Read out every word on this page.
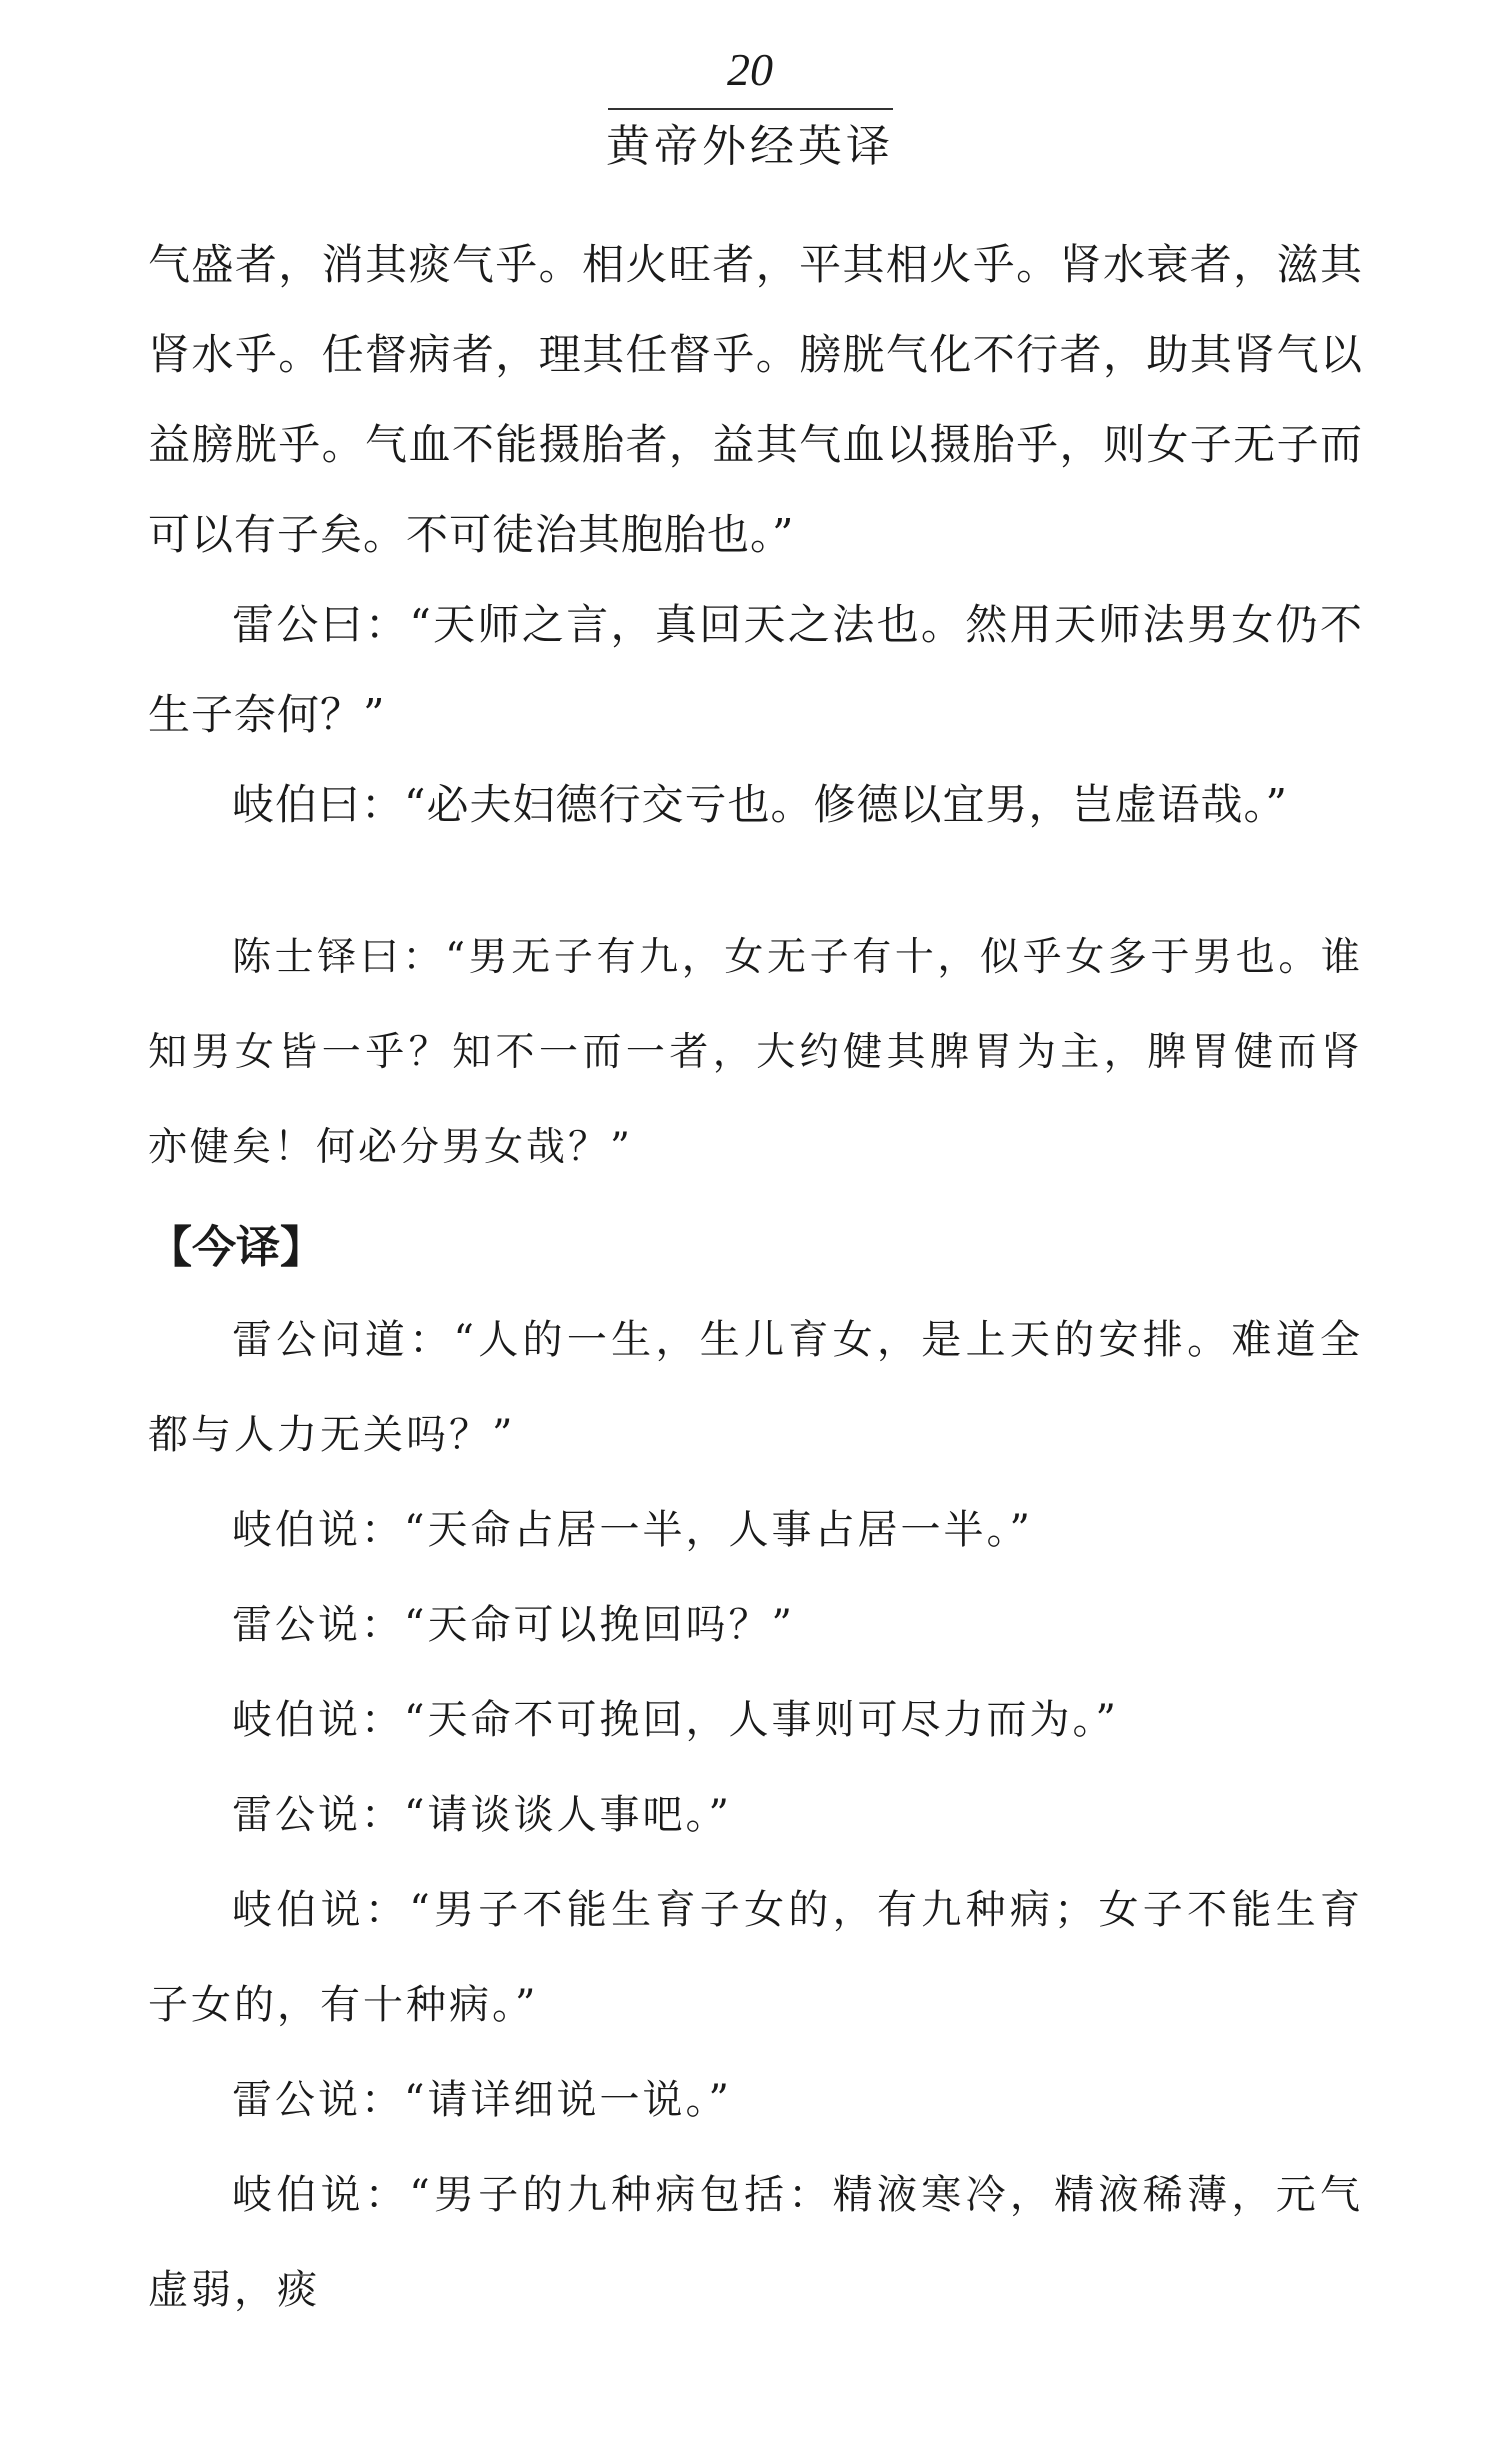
20
黄帝外经英译

气盛者，消其痰气乎。相火旺者，平其相火乎。肾水衰者，滋其肾水乎。任督病者，理其任督乎。膀胱气化不行者，助其肾气以益膀胱乎。气血不能摄胎者，益其气血以摄胎乎，则女子无子而可以有子矣。不可徒治其胞胎也。”

雷公曰：“天师之言，真回天之法也。然用天师法男女仍不生子奈何？”

岐伯曰：“必夫妇德行交亏也。修德以宜男，岂虚语哉。”

陈士铎曰：“男无子有九，女无子有十，似乎女多于男也。谁知男女皆一乎？知不一而一者，大约健其脾胃为主，脾胃健而肾亦健矣！何必分男女哉？”

【今译】

雷公问道：“人的一生，生儿育女，是上天的安排。难道全都与人力无关吗？”

岐伯说：“天命占居一半，人事占居一半。”

雷公说：“天命可以挽回吗？”

岐伯说：“天命不可挽回，人事则可尽力而为。”

雷公说：“请谈谈人事吧。”

岐伯说：“男子不能生育子女的，有九种病；女子不能生育子女的，有十种病。”

雷公说：“请详细说一说。”

岐伯说：“男子的九种病包括：精液寒冷，精液稀薄，元气虚弱，痰
